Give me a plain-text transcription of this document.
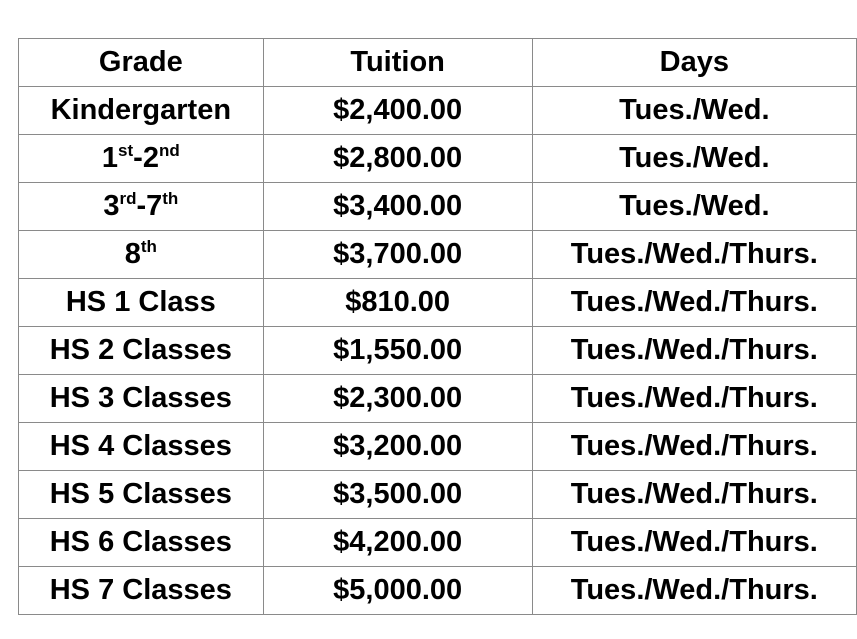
Grade	Tuition	Days
Kindergarten	$2,400.00	Tues./Wed.
1st-2nd	$2,800.00	Tues./Wed.
3rd-7th	$3,400.00	Tues./Wed.
8th	$3,700.00	Tues./Wed./Thurs.
HS 1 Class	$810.00	Tues./Wed./Thurs.
HS 2 Classes	$1,550.00	Tues./Wed./Thurs.
HS 3 Classes	$2,300.00	Tues./Wed./Thurs.
HS 4 Classes	$3,200.00	Tues./Wed./Thurs.
HS 5 Classes	$3,500.00	Tues./Wed./Thurs.
HS 6 Classes	$4,200.00	Tues./Wed./Thurs.
HS 7 Classes	$5,000.00	Tues./Wed./Thurs.
